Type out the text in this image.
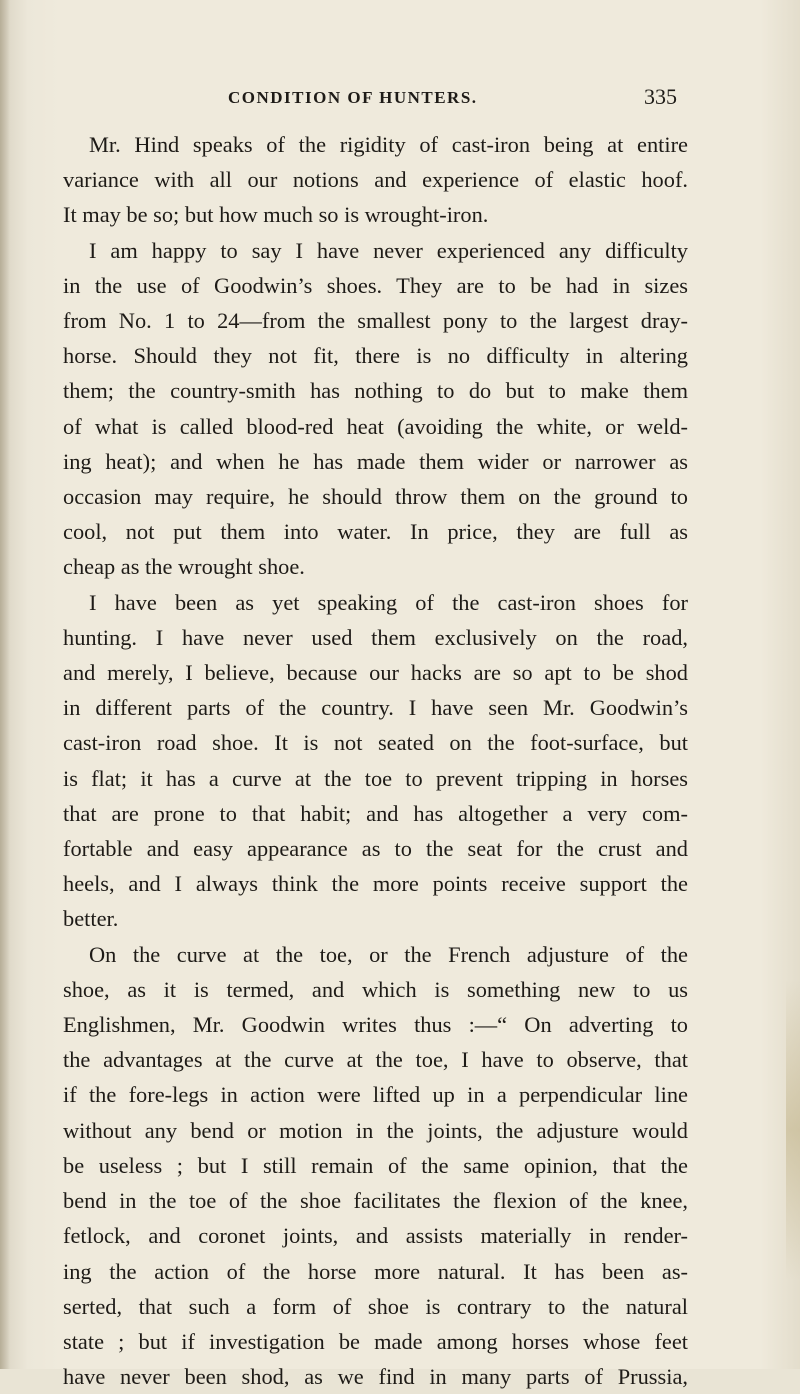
CONDITION OF HUNTERS.	335
Mr. Hind speaks of the rigidity of cast-iron being at entire
variance with all our notions and experience of elastic hoof.
It may be so; but how much so is wrought-iron.
I am happy to say I have never experienced any difficulty
in the use of Goodwin’s shoes. They are to be had in sizes
from No. 1 to 24—from the smallest pony to the largest dray-
horse. Should they not fit, there is no difficulty in altering
them; the country-smith has nothing to do but to make them
of what is called blood-red heat (avoiding the white, or weld-
ing heat); and when he has made them wider or narrower as
occasion may require, he should throw them on the ground to
cool, not put them into water. In price, they are full as
cheap as the wrought shoe.
I have been as yet speaking of the cast-iron shoes for
hunting. I have never used them exclusively on the road,
and merely, I believe, because our hacks are so apt to be shod
in different parts of the country. I have seen Mr. Goodwin’s
cast-iron road shoe. It is not seated on the foot-surface, but
is flat; it has a curve at the toe to prevent tripping in horses
that are prone to that habit; and has altogether a very com-
fortable and easy appearance as to the seat for the crust and
heels, and I always think the more points receive support the
better.
On the curve at the toe, or the French adjusture of the
shoe, as it is termed, and which is something new to us
Englishmen, Mr. Goodwin writes thus :—“ On adverting to
the advantages at the curve at the toe, I have to observe, that
if the fore-legs in action were lifted up in a perpendicular line
without any bend or motion in the joints, the adjusture would
be useless ; but I still remain of the same opinion, that the
bend in the toe of the shoe facilitates the flexion of the knee,
fetlock, and coronet joints, and assists materially in render-
ing the action of the horse more natural. It has been as-
serted, that such a form of shoe is contrary to the natural
state ; but if investigation be made among horses whose feet
have never been shod, as we find in many parts of Prussia,
